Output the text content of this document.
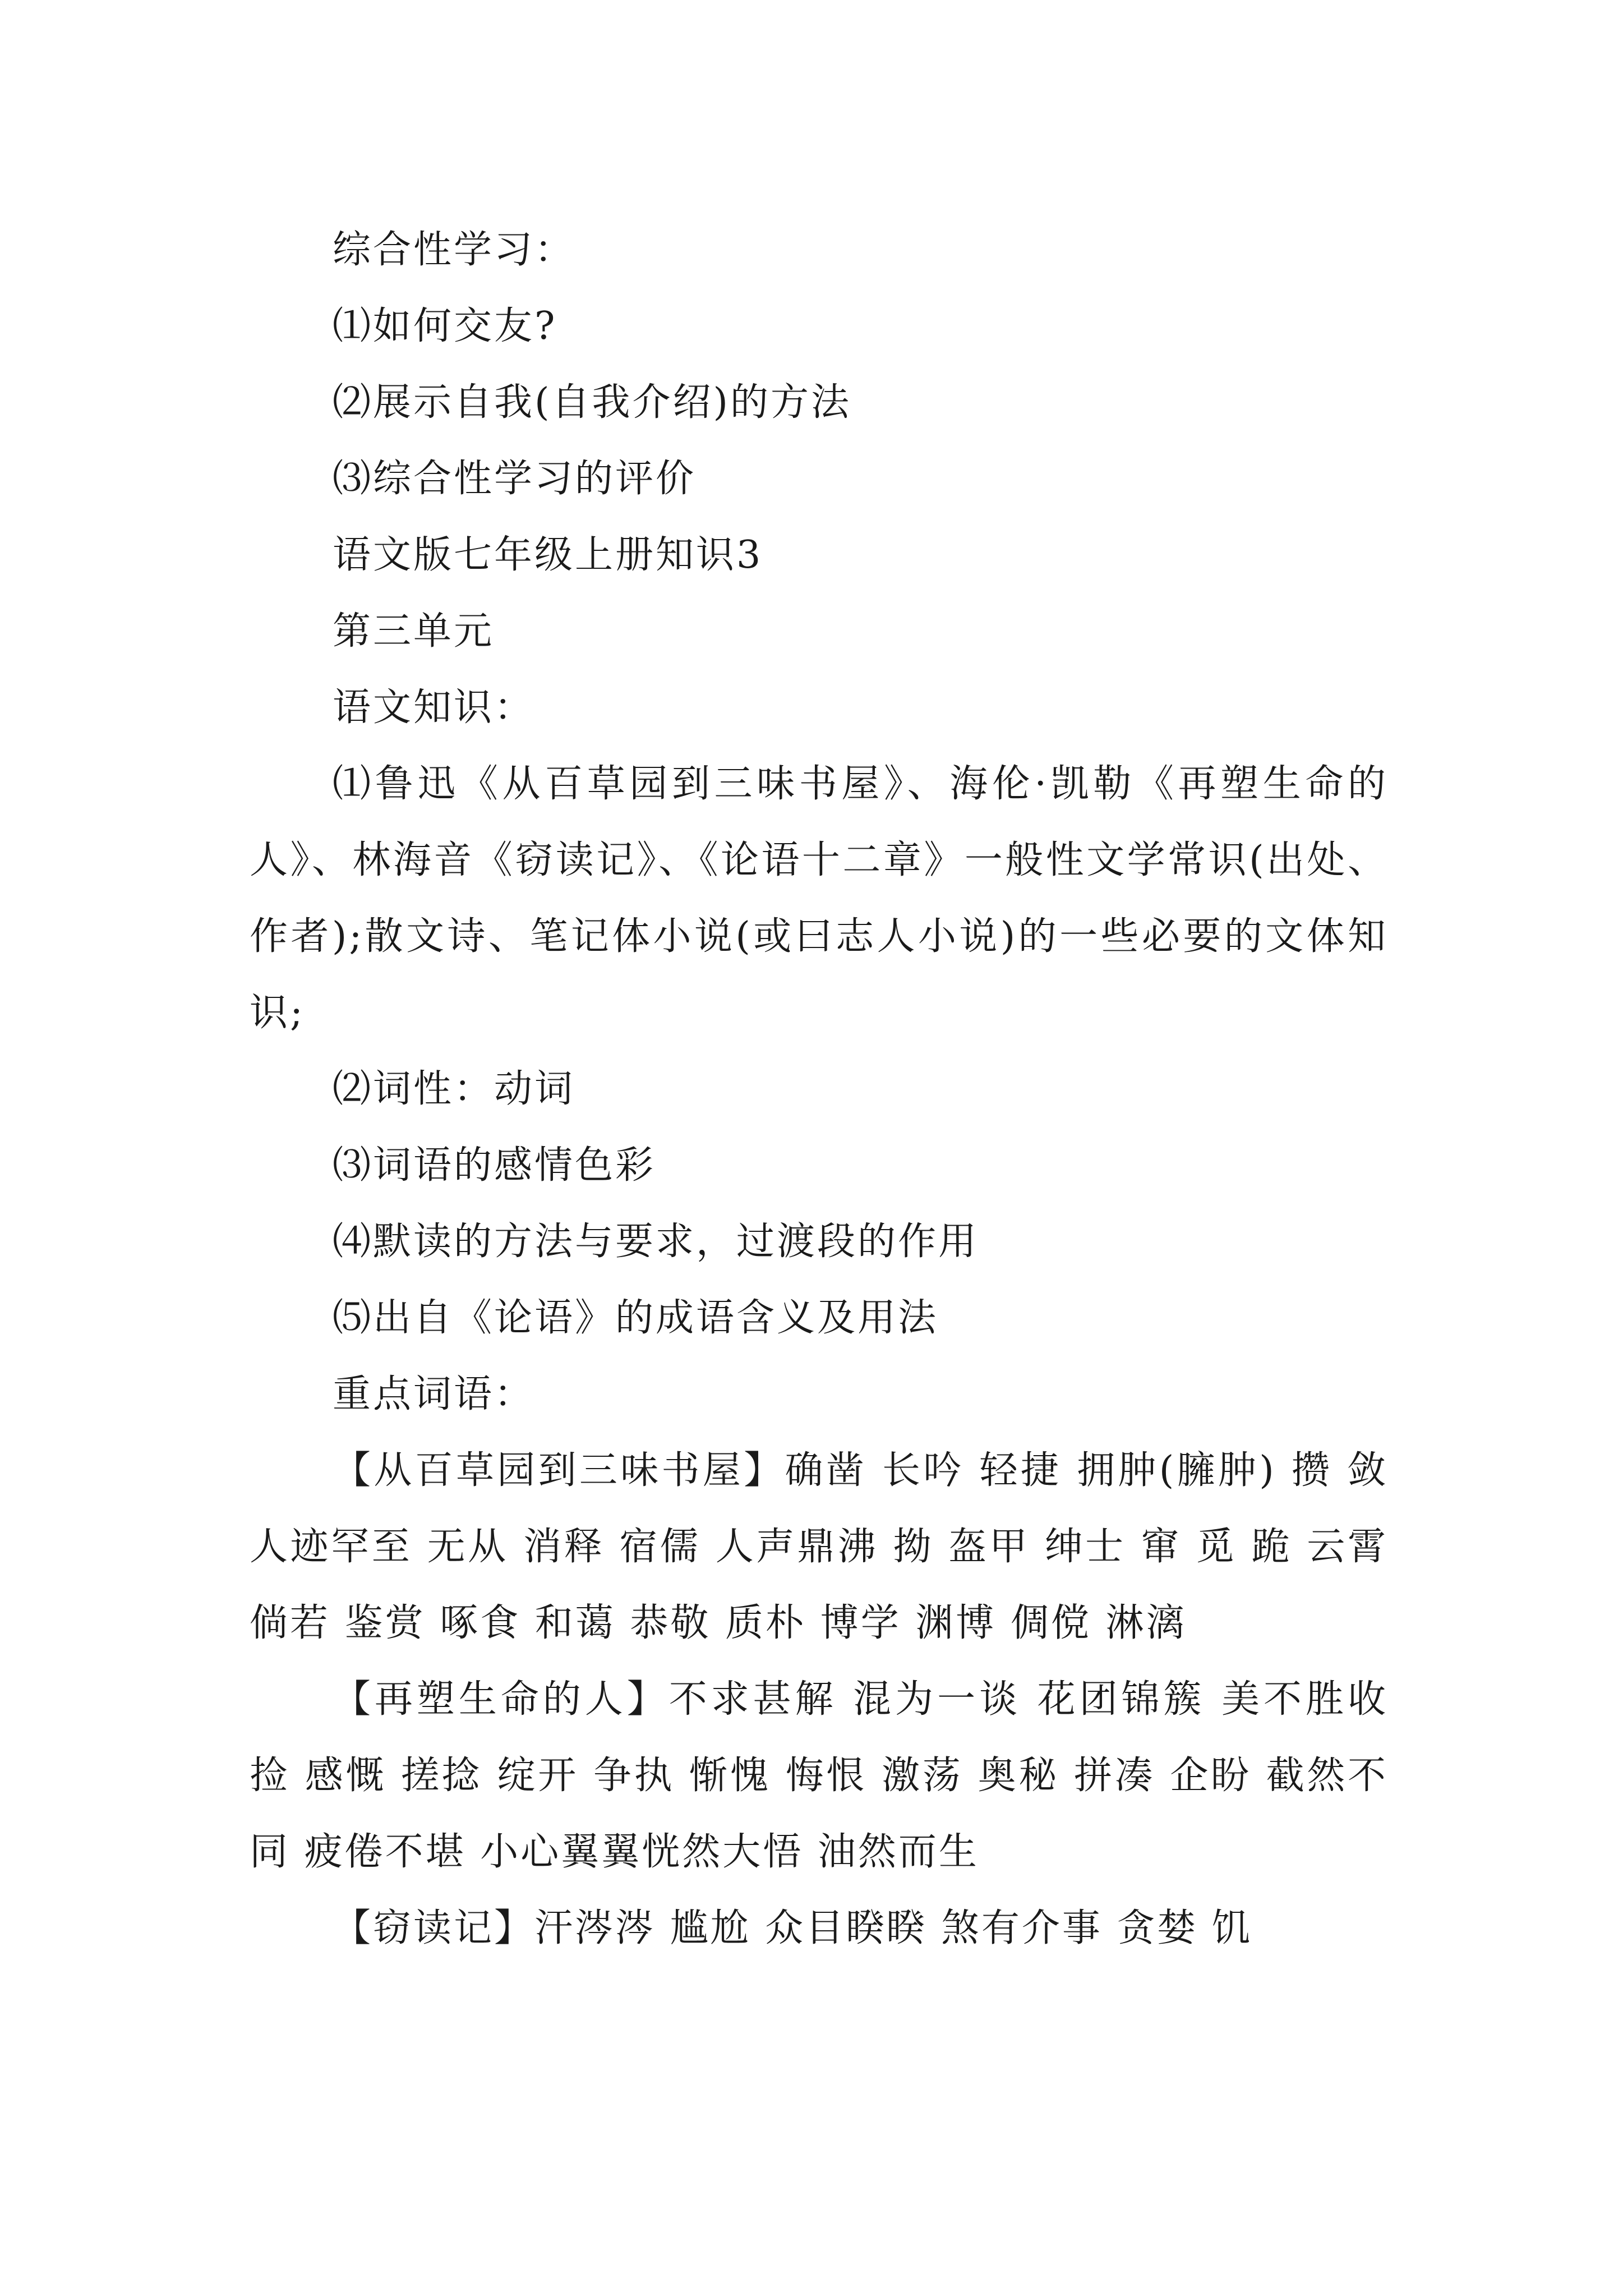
综合性学习：

⑴如何交友?

⑵展示自我(自我介绍)的方法

⑶综合性学习的评价

语文版七年级上册知识3

第三单元

语文知识：

⑴鲁迅《从百草园到三味书屋》、海伦·凯勒《再塑生命的人》、林海音《窃读记》、《论语十二章》一般性文学常识(出处、作者);散文诗、笔记体小说(或曰志人小说)的一些必要的文体知识;

⑵词性：动词

⑶词语的感情色彩

⑷默读的方法与要求，过渡段的作用

⑸出自《论语》的成语含义及用法

重点词语：

【从百草园到三味书屋】确凿 长吟 轻捷 拥肿(臃肿) 攒 敛 人迹罕至 无从 消释 宿儒 人声鼎沸 拗 盔甲 绅士 窜 觅 跪 云霄 倘若 鉴赏 啄食 和蔼 恭敬 质朴 博学 渊博 倜傥 淋漓

【再塑生命的人】不求甚解 混为一谈 花团锦簇 美不胜收 捡 感慨 搓捻 绽开 争执 惭愧 悔恨 激荡 奥秘 拼凑 企盼 截然不同 疲倦不堪 小心翼翼恍然大悟 油然而生

【窃读记】汗涔涔 尴尬 众目睽睽 煞有介事 贪婪 饥
